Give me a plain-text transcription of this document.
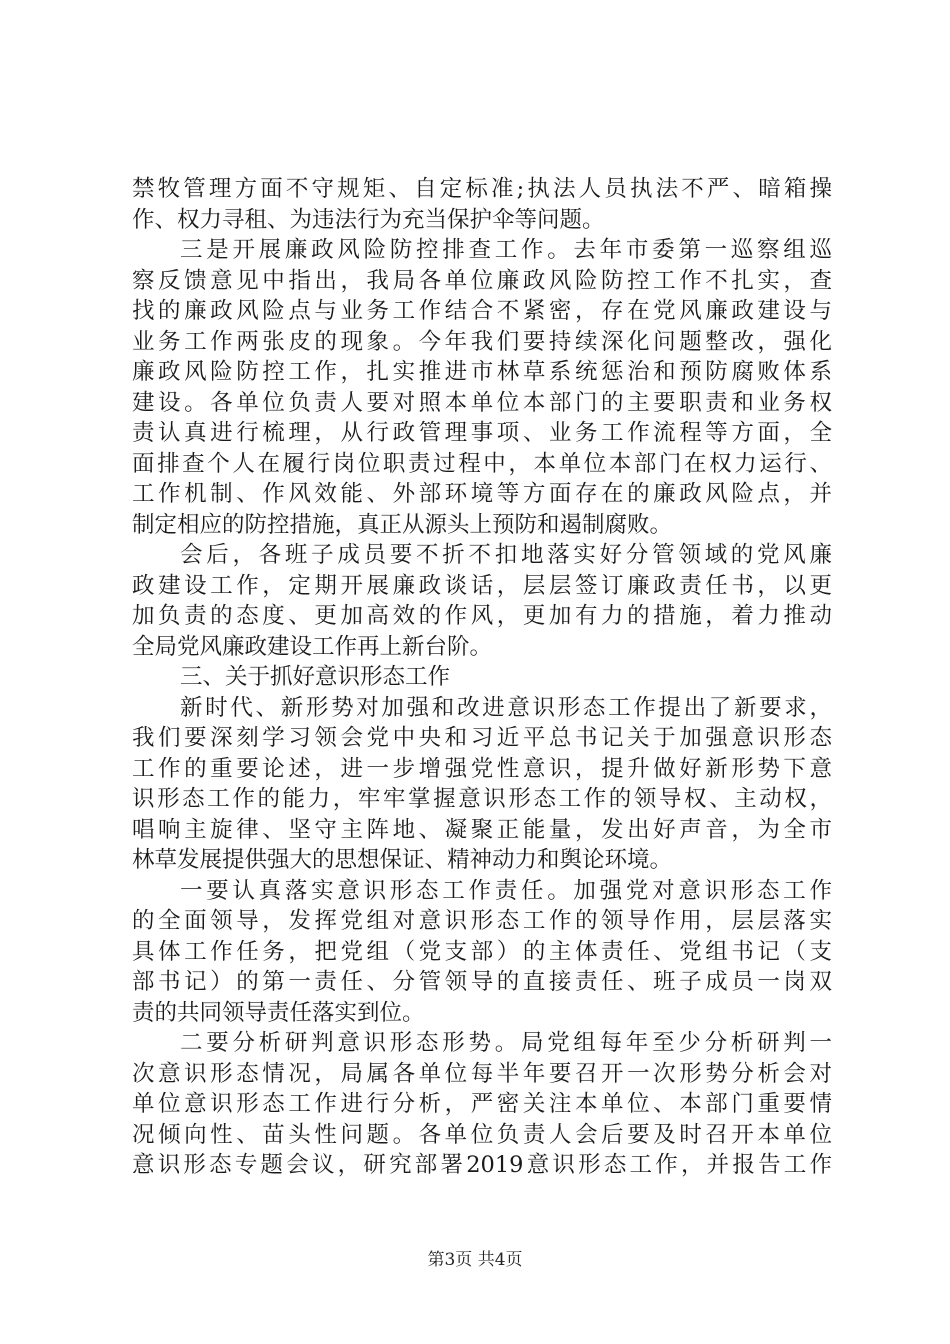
禁牧管理方面不守规矩、自定标准;执法人员执法不严、暗箱操
作、权力寻租、为违法行为充当保护伞等问题。
三是开展廉政风险防控排查工作。去年市委第一巡察组巡
察反馈意见中指出，我局各单位廉政风险防控工作不扎实，查
找的廉政风险点与业务工作结合不紧密，存在党风廉政建设与
业务工作两张皮的现象。今年我们要持续深化问题整改，强化
廉政风险防控工作，扎实推进市林草系统惩治和预防腐败体系
建设。各单位负责人要对照本单位本部门的主要职责和业务权
责认真进行梳理，从行政管理事项、业务工作流程等方面，全
面排查个人在履行岗位职责过程中，本单位本部门在权力运行、
工作机制、作风效能、外部环境等方面存在的廉政风险点，并
制定相应的防控措施，真正从源头上预防和遏制腐败。
会后，各班子成员要不折不扣地落实好分管领域的党风廉
政建设工作，定期开展廉政谈话，层层签订廉政责任书，以更
加负责的态度、更加高效的作风，更加有力的措施，着力推动
全局党风廉政建设工作再上新台阶。
三、关于抓好意识形态工作
新时代、新形势对加强和改进意识形态工作提出了新要求，
我们要深刻学习领会党中央和习近平总书记关于加强意识形态
工作的重要论述，进一步增强党性意识，提升做好新形势下意
识形态工作的能力，牢牢掌握意识形态工作的领导权、主动权，
唱响主旋律、坚守主阵地、凝聚正能量，发出好声音，为全市
林草发展提供强大的思想保证、精神动力和舆论环境。
一要认真落实意识形态工作责任。加强党对意识形态工作
的全面领导，发挥党组对意识形态工作的领导作用，层层落实
具体工作任务，把党组（党支部）的主体责任、党组书记（支
部书记）的第一责任、分管领导的直接责任、班子成员一岗双
责的共同领导责任落实到位。
二要分析研判意识形态形势。局党组每年至少分析研判一
次意识形态情况，局属各单位每半年要召开一次形势分析会对
单位意识形态工作进行分析，严密关注本单位、本部门重要情
况倾向性、苗头性问题。各单位负责人会后要及时召开本单位
意识形态专题会议，研究部署2019意识形态工作，并报告工作
第3页 共4页
